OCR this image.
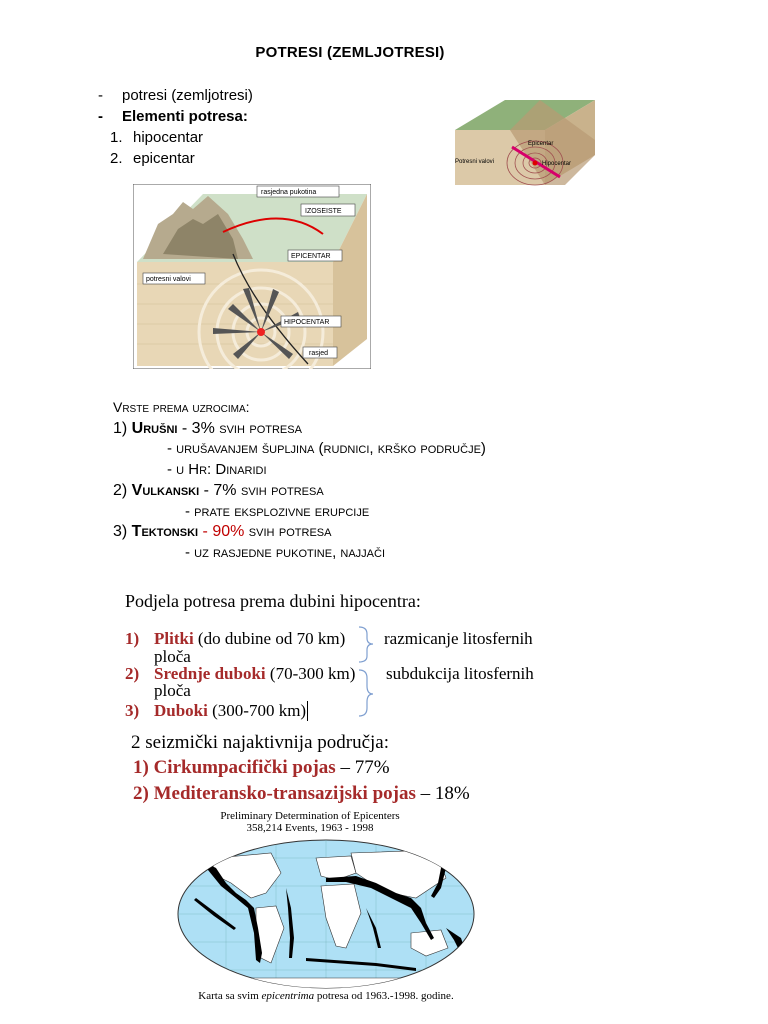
POTRESI (ZEMLJOTRESI)
- potresi (zemljotresi)
- Elementi potresa:
1. hipocentar
2. epicentar
Epicentar
Potresni valovi	Hipocentar
rasjedna pukotina
IZOSEISTE
EPICENTAR
potresni valovi
HIPOCENTAR
rasjed
Vrste prema uzrocima:
1) Urušni - 3% svih potresa
- urušavanjem šupljina (rudnici, krško područje)
- u Hr: Dinaridi
2) Vulkanski - 7% svih potresa
- prate eksplozivne erupcije
3) Tektonski - 90% svih potresa
- uz rasjedne pukotine, najjači
Podjela potresa prema dubini hipocentra:
1) Plitki (do dubine od 70 km)
ploča
razmicanje litosfernih
2) Srednje duboki (70-300 km)
ploča
subdukcija litosfernih
3) Duboki (300-700 km)
2 seizmički najaktivnija područja:
1) Cirkumpacifički pojas – 77%
2) Mediteransko-transazijski pojas – 18%
Preliminary Determination of Epicenters
358,214 Events, 1963 - 1998
Karta sa svim epicentrima potresa od 1963.-1998. godine.
